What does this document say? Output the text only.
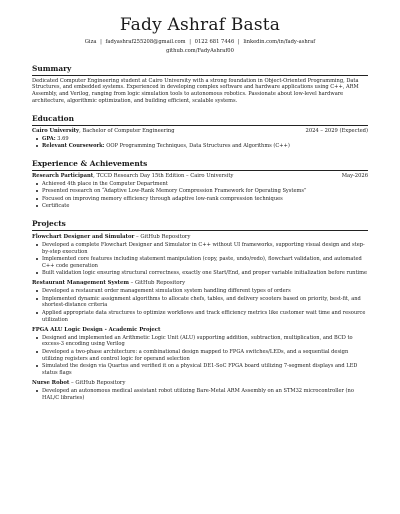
Fady Ashraf Basta
Giza | fadyashraf255208@gmail.com | 0122 681 7446 | linkedin.com/in/fady-ashraf
github.com/FadyAshraf00
Summary
Dedicated Computer Engineering student at Cairo University with a strong foundation in Object-Oriented Programming, Data Structures, and embedded systems. Experienced in developing complex software and hardware applications using C++, ARM Assembly, and Verilog, ranging from logic simulation tools to autonomous robotics. Passionate about low-level hardware architecture, algorithmic optimization, and building efficient, scalable systems.
Education
Cairo University, Bachelor of Computer Engineering	2024 – 2029 (Expected)
GPA: 3.69
Relevant Coursework: OOP Programming Techniques, Data Structures and Algorithms (C++)
Experience & Achievements
Research Participant, TCCD Research Day 15th Edition – Cairo University	May-2026
Achieved 4th place in the Computer Department
Presented research on “Adaptive Low-Rank Memory Compression Framework for Operating Systems”
Focused on improving memory efficiency through adaptive low-rank compression techniques
Certificate
Projects
Flowchart Designer and Simulator – GitHub Repository
Developed a complete Flowchart Designer and Simulator in C++ without UI frameworks, supporting visual design and step-by-step execution
Implemented core features including statement manipulation (copy, paste, undo/redo), flowchart validation, and automated C++ code generation
Built validation logic ensuring structural correctness, exactly one Start/End, and proper variable initialization before runtime
Restaurant Management System – GitHub Repository
Developed a restaurant order management simulation system handling different types of orders
Implemented dynamic assignment algorithms to allocate chefs, tables, and delivery scooters based on priority, best-fit, and shortest-distance criteria
Applied appropriate data structures to optimize workflows and track efficiency metrics like customer wait time and resource utilization
FPGA ALU Logic Design - Academic Project
Designed and implemented an Arithmetic Logic Unit (ALU) supporting addition, subtraction, multiplication, and BCD to excess-3 encoding using Verilog
Developed a two-phase architecture: a combinational design mapped to FPGA switches/LEDs, and a sequential design utilizing registers and control logic for operand selection
Simulated the design via Quartus and verified it on a physical DE1-SoC FPGA board utilizing 7-segment displays and LED status flags
Nurse Robot – GitHub Repository
Developed an autonomous medical assistant robot utilizing Bare-Metal ARM Assembly on an STM32 microcontroller (no HAL/C libraries)
